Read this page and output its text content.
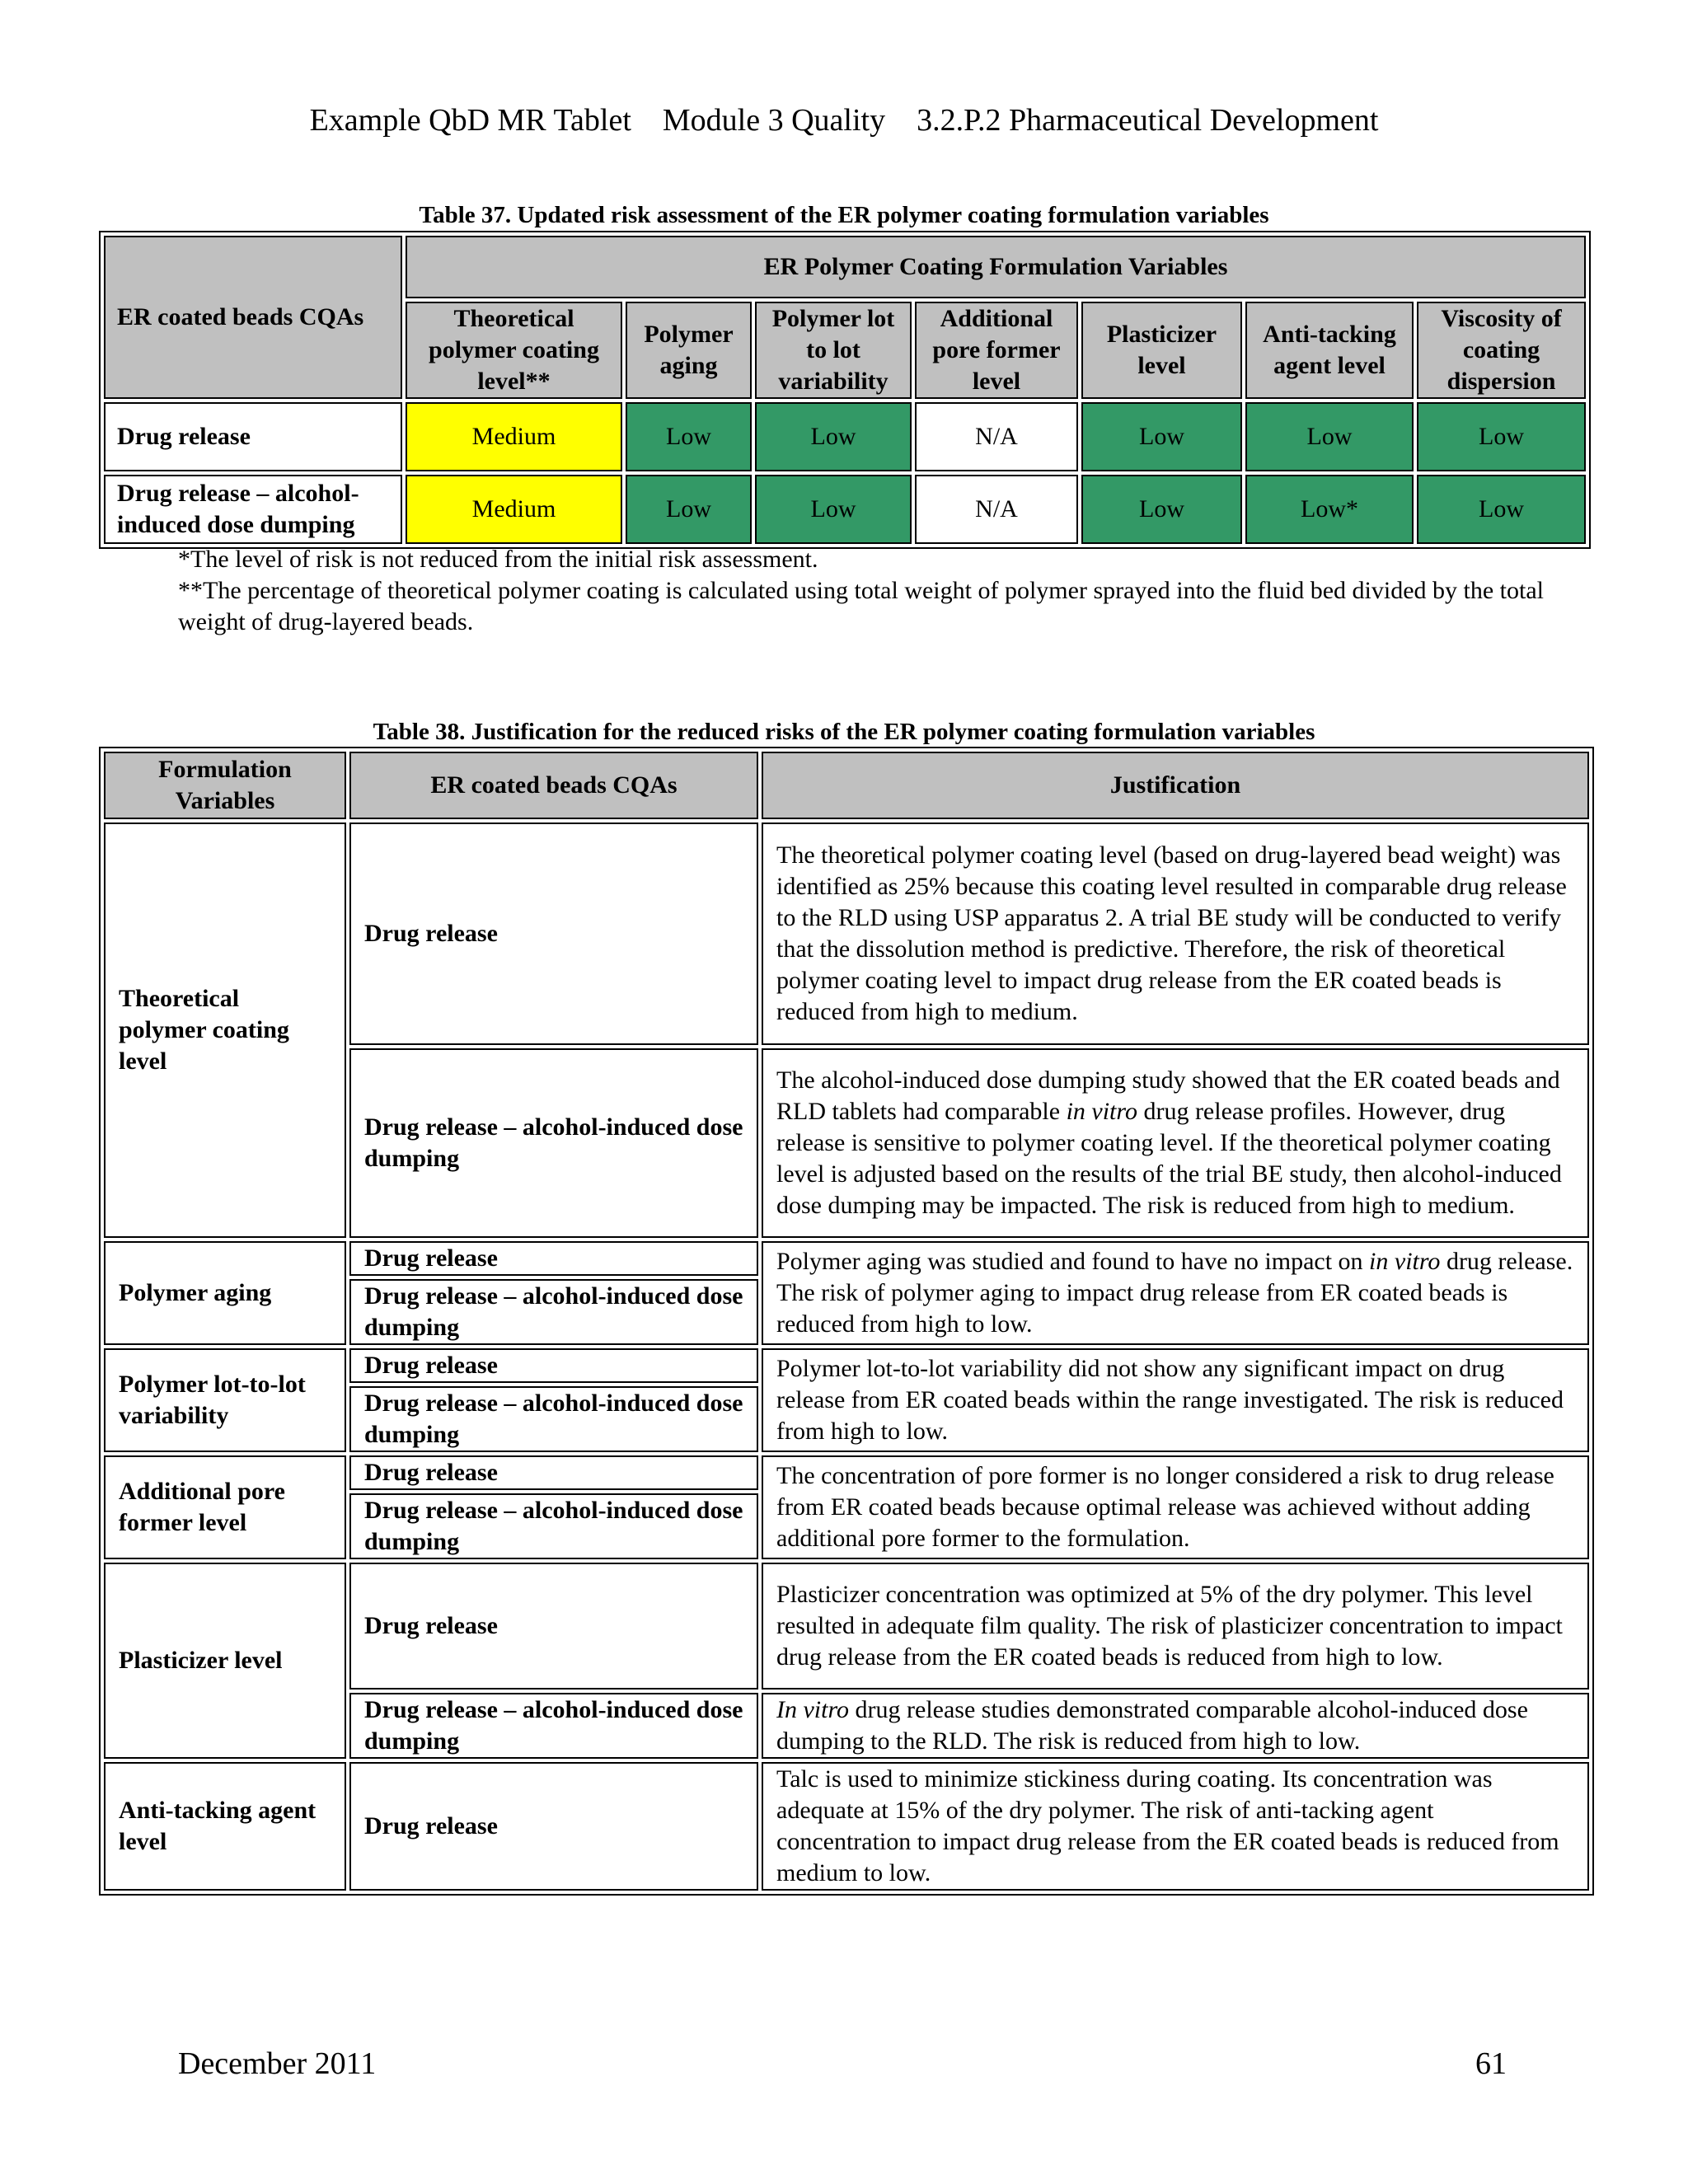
Example QbD MR Tablet    Module 3 Quality    3.2.P.2 Pharmaceutical Development
Table 37. Updated risk assessment of the ER polymer coating formulation variables
ER coated beads CQAs	ER Polymer Coating Formulation Variables						
	Theoretical polymer coating level**	Polymer aging	Polymer lot to lot variability	Additional pore former level	Plasticizer level	Anti-tacking agent level	Viscosity of coating dispersion
Drug release	Medium	Low	Low	N/A	Low	Low	Low
Drug release – alcohol-induced dose dumping	Medium	Low	Low	N/A	Low	Low*	Low
*The level of risk is not reduced from the initial risk assessment.
**The percentage of theoretical polymer coating is calculated using total weight of polymer sprayed into the fluid bed divided by the total weight of drug-layered beads.
Table 38. Justification for the reduced risks of the ER polymer coating formulation variables
Formulation Variables	ER coated beads CQAs	Justification
Theoretical polymer coating level	Drug release	The theoretical polymer coating level (based on drug-layered bead weight) was identified as 25% because this coating level resulted in comparable drug release to the RLD using USP apparatus 2. A trial BE study will be conducted to verify that the dissolution method is predictive. Therefore, the risk of theoretical polymer coating level to impact drug release from the ER coated beads is reduced from high to medium.
	Drug release – alcohol-induced dose dumping	The alcohol-induced dose dumping study showed that the ER coated beads and RLD tablets had comparable in vitro drug release profiles. However, drug release is sensitive to polymer coating level. If the theoretical polymer coating level is adjusted based on the results of the trial BE study, then alcohol-induced dose dumping may be impacted. The risk is reduced from high to medium.
Polymer aging	Drug release	Polymer aging was studied and found to have no impact on in vitro drug release. The risk of polymer aging to impact drug release from ER coated beads is reduced from high to low.
	Drug release – alcohol-induced dose dumping	
Polymer lot-to-lot variability	Drug release	Polymer lot-to-lot variability did not show any significant impact on drug release from ER coated beads within the range investigated. The risk is reduced from high to low.
	Drug release – alcohol-induced dose dumping	
Additional pore former level	Drug release	The concentration of pore former is no longer considered a risk to drug release from ER coated beads because optimal release was achieved without adding additional pore former to the formulation.
	Drug release – alcohol-induced dose dumping	
Plasticizer level	Drug release	Plasticizer concentration was optimized at 5% of the dry polymer. This level resulted in adequate film quality. The risk of plasticizer concentration to impact drug release from the ER coated beads is reduced from high to low.
	Drug release – alcohol-induced dose dumping	In vitro drug release studies demonstrated comparable alcohol-induced dose dumping to the RLD. The risk is reduced from high to low.
Anti-tacking agent level	Drug release	Talc is used to minimize stickiness during coating. Its concentration was adequate at 15% of the dry polymer. The risk of anti-tacking agent concentration to impact drug release from the ER coated beads is reduced from medium to low.
December 2011	61
